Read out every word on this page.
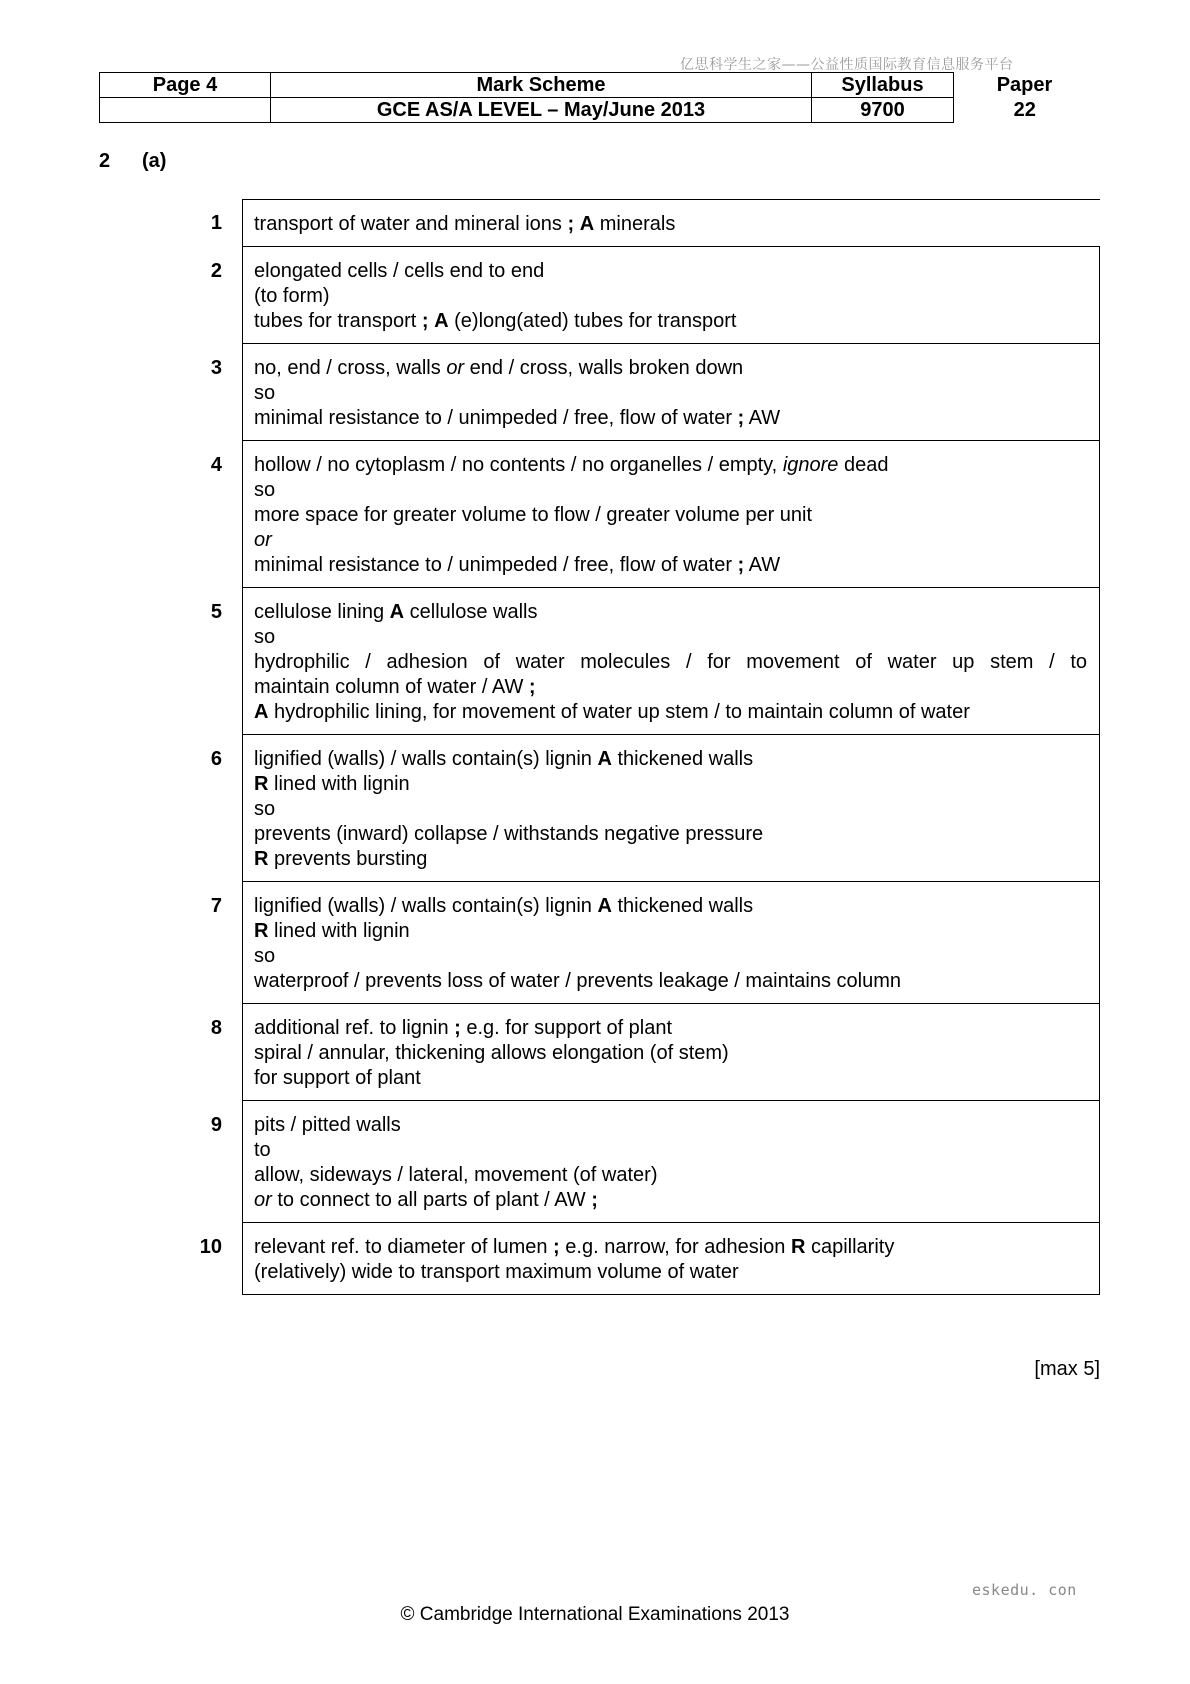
亿思科学生之家——公益性质国际教育信息服务平台
Page 4	Mark Scheme	Syllabus	Paper
	GCE AS/A LEVEL – May/June 2013	9700	22
2 (a)
1	transport of water and mineral ions ; A minerals
2	elongated cells / cells end to end
(to form)
tubes for transport ; A (e)long(ated) tubes for transport
3	no, end / cross, walls or end / cross, walls broken down
so
minimal resistance to / unimpeded / free, flow of water ; AW
4	hollow / no cytoplasm / no contents / no organelles / empty, ignore dead
so
more space for greater volume to flow / greater volume per unit
or
minimal resistance to / unimpeded / free, flow of water ; AW
5	cellulose lining A cellulose walls
so
hydrophilic / adhesion of water molecules / for movement of water up stem / to
maintain column of water / AW ;
A hydrophilic lining, for movement of water up stem / to maintain column of water
6	lignified (walls) / walls contain(s) lignin A thickened walls
R lined with lignin
so
prevents (inward) collapse / withstands negative pressure
R prevents bursting
7	lignified (walls) / walls contain(s) lignin A thickened walls
R lined with lignin
so
waterproof / prevents loss of water / prevents leakage / maintains column
8	additional ref. to lignin ; e.g. for support of plant
spiral / annular, thickening allows elongation (of stem)
for support of plant
9	pits / pitted walls
to
allow, sideways / lateral, movement (of water)
or to connect to all parts of plant / AW ;
10	relevant ref. to diameter of lumen ; e.g. narrow, for adhesion R capillarity
(relatively) wide to transport maximum volume of water
[max 5]
eskedu. con
© Cambridge International Examinations 2013
